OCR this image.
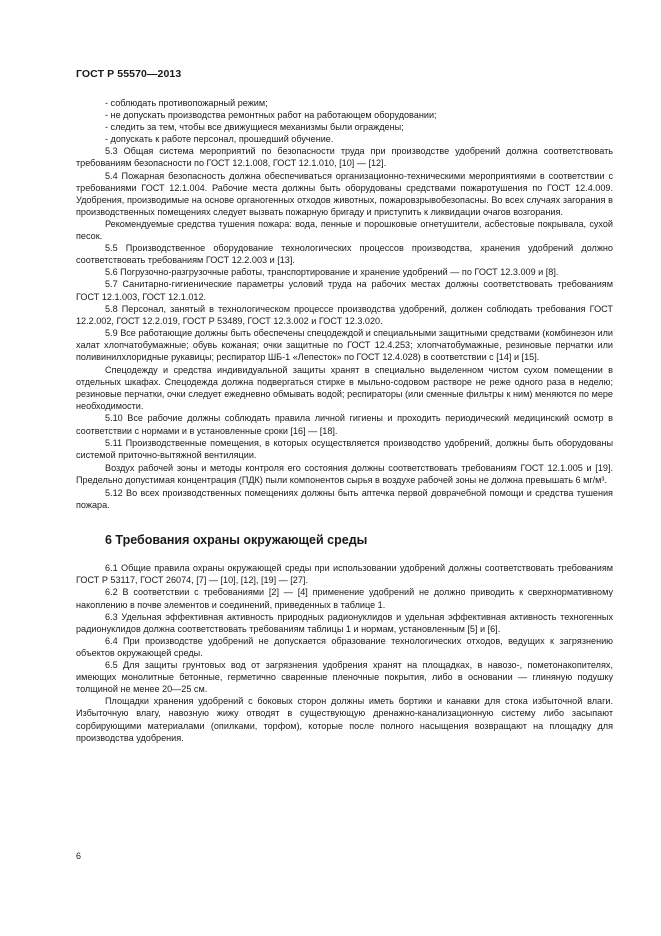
ГОСТ Р 55570—2013

- соблюдать противопожарный режим;

- не допускать производства ремонтных работ на работающем оборудовании;

- следить за тем, чтобы все движущиеся механизмы были ограждены;

- допускать к работе персонал, прошедший обучение.

5.3 Общая система мероприятий по безопасности труда при производстве удобрений должна соответствовать требованиям безопасности по ГОСТ 12.1.008, ГОСТ 12.1.010, [10] — [12].

5.4 Пожарная безопасность должна обеспечиваться организационно-техническими мероприятиями в соответствии с требованиями ГОСТ 12.1.004. Рабочие места должны быть оборудованы средствами пожаротушения по ГОСТ 12.4.009. Удобрения, производимые на основе органогенных отходов животных, пожаровзрывобезопасны. Во всех случаях загорания в производственных помещениях следует вызвать пожарную бригаду и приступить к ликвидации очагов возгорания.

Рекомендуемые средства тушения пожара: вода, пенные и порошковые огнетушители, асбестовые покрывала, сухой песок.

5.5 Производственное оборудование технологических процессов производства, хранения удобрений должно соответствовать требованиям ГОСТ 12.2.003 и [13].

5.6 Погрузочно-разгрузочные работы, транспортирование и хранение удобрений — по ГОСТ 12.3.009 и [8].

5.7 Санитарно-гигиенические параметры условий труда на рабочих местах должны соответствовать требованиям ГОСТ 12.1.003, ГОСТ 12.1.012.

5.8 Персонал, занятый в технологическом процессе производства удобрений, должен соблюдать требования ГОСТ 12.2.002, ГОСТ 12.2.019, ГОСТ Р 53489, ГОСТ 12.3.002 и ГОСТ 12.3.020.

5.9 Все работающие должны быть обеспечены спецодеждой и специальными защитными средствами (комбинезон или халат хлопчатобумажные; обувь кожаная; очки защитные по ГОСТ 12.4.253; хлопчатобумажные, резиновые перчатки или поливинилхлоридные рукавицы; респиратор ШБ-1 «Лепесток» по ГОСТ 12.4.028) в соответствии с [14] и [15].

Спецодежду и средства индивидуальной защиты хранят в специально выделенном чистом сухом помещении в отдельных шкафах. Спецодежда должна подвергаться стирке в мыльно-содовом растворе не реже одного раза в неделю; резиновые перчатки, очки следует ежедневно обмывать водой; респираторы (или сменные фильтры к ним) меняются по мере необходимости.

5.10 Все рабочие должны соблюдать правила личной гигиены и проходить периодический медицинский осмотр в соответствии с нормами и в установленные сроки [16] — [18].

5.11 Производственные помещения, в которых осуществляется производство удобрений, должны быть оборудованы системой приточно-вытяжной вентиляции.

Воздух рабочей зоны и методы контроля его состояния должны соответствовать требованиям ГОСТ 12.1.005 и [19]. Предельно допустимая концентрация (ПДК) пыли компонентов сырья в воздухе рабочей зоны не должна превышать 6 мг/м³.

5.12 Во всех производственных помещениях должны быть аптечка первой доврачебной помощи и средства тушения пожара.

6 Требования охраны окружающей среды

6.1 Общие правила охраны окружающей среды при использовании удобрений должны соответствовать требованиям ГОСТ Р 53117, ГОСТ 26074, [7] — [10], [12], [19] — [27].

6.2 В соответствии с требованиями [2] — [4] применение удобрений не должно приводить к сверхнормативному накоплению в почве элементов и соединений, приведенных в таблице 1.

6.3 Удельная эффективная активность природных радионуклидов и удельная эффективная активность техногенных радионуклидов должна соответствовать требованиям таблицы 1 и нормам, установленным [5] и [6].

6.4 При производстве удобрений не допускается образование технологических отходов, ведущих к загрязнению объектов окружающей среды.

6.5 Для защиты грунтовых вод от загрязнения удобрения хранят на площадках, в навозо-, пометонакопителях, имеющих монолитные бетонные, герметично сваренные пленочные покрытия, либо в основании — глиняную подушку толщиной не менее 20—25 см.

Площадки хранения удобрений с боковых сторон должны иметь бортики и канавки для стока избыточной влаги. Избыточную влагу, навозную жижу отводят в существующую дренажно-канализационную систему либо засыпают сорбирующими материалами (опилками, торфом), которые после полного насыщения возвращают на площадку для производства удобрения.

6
